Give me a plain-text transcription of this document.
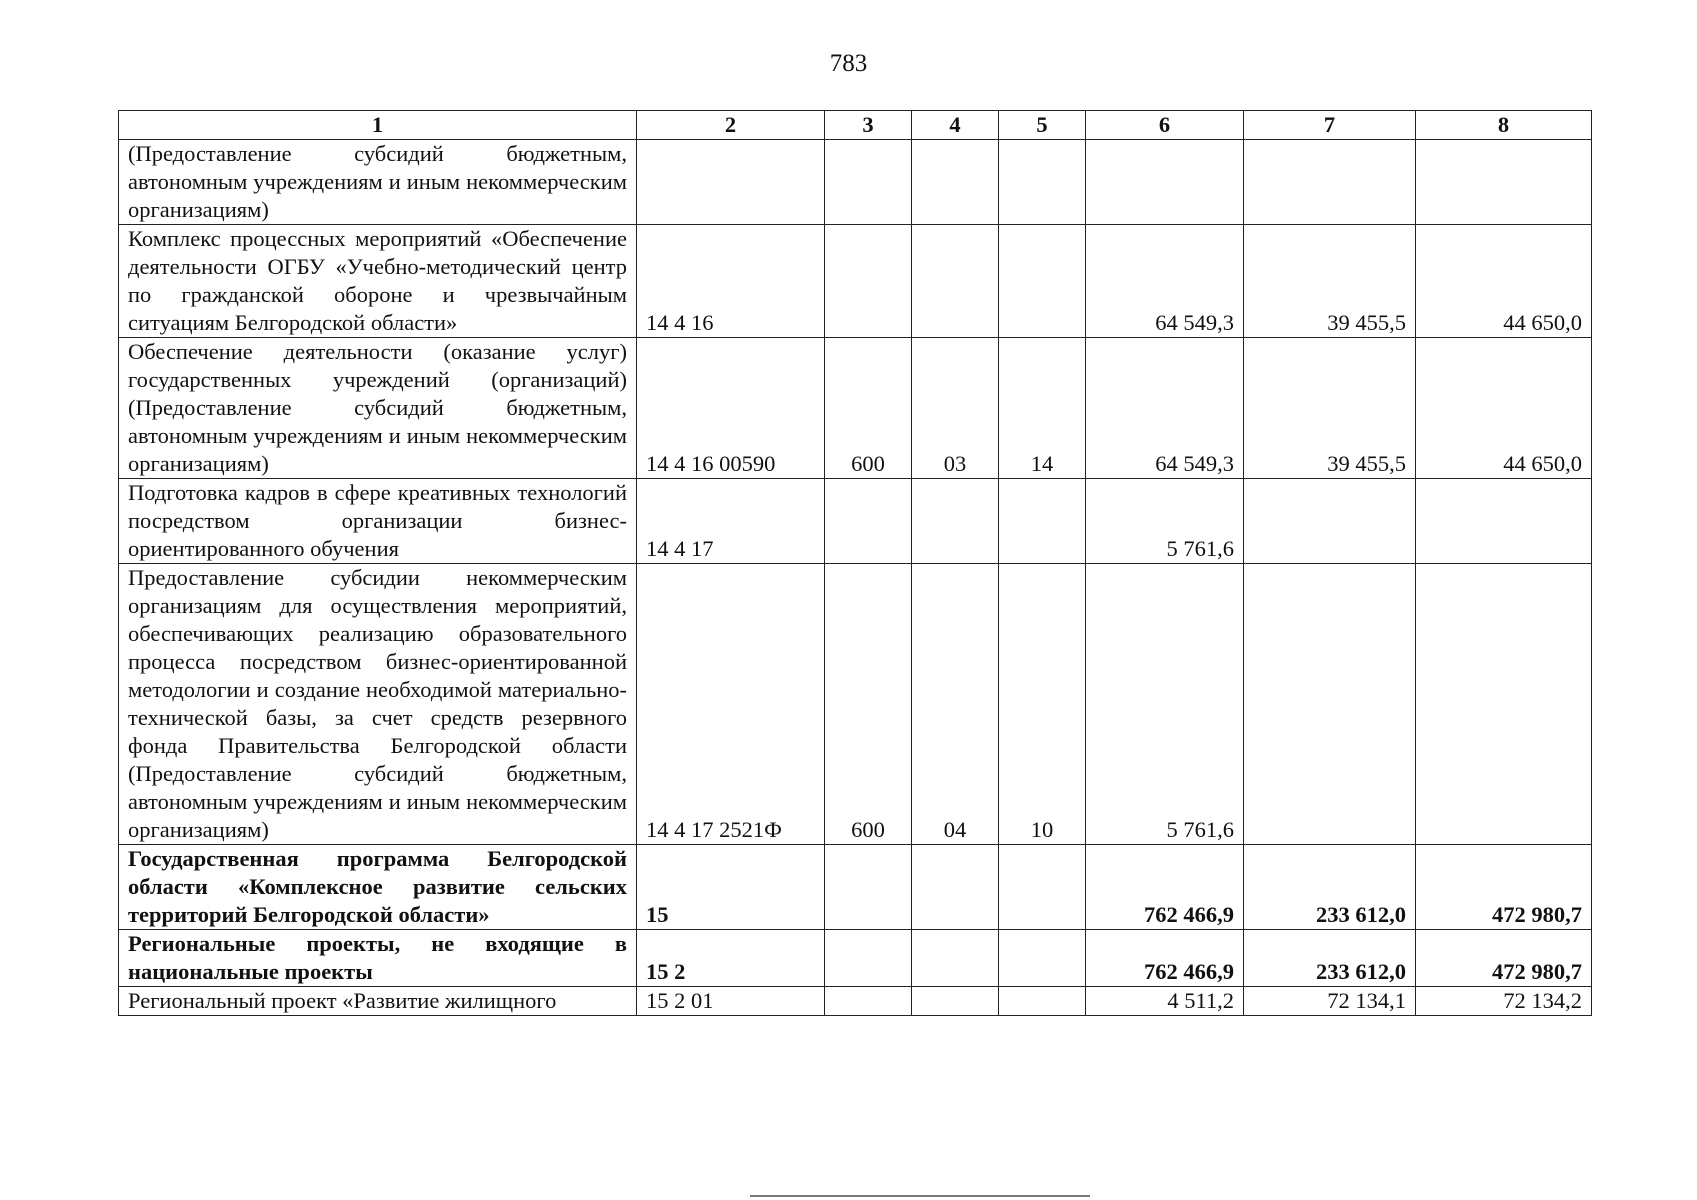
783
1	2	3	4	5	6	7	8
(Предоставление субсидий бюджетным, автономным учреждениям и иным некоммерческим организациям)							
Комплекс процессных мероприятий «Обеспечение деятельности ОГБУ «Учебно-методический центр по гражданской обороне и чрезвычайным ситуациям Белгородской области»	14 4 16				64 549,3	39 455,5	44 650,0
Обеспечение деятельности (оказание услуг) государственных учреждений (организаций) (Предоставление субсидий бюджетным, автономным учреждениям и иным некоммерческим организациям)	14 4 16 00590	600	03	14	64 549,3	39 455,5	44 650,0
Подготовка кадров в сфере креативных технологий посредством организации бизнес-ориентированного обучения	14 4 17				5 761,6		
Предоставление субсидии некоммерческим организациям для осуществления мероприятий, обеспечивающих реализацию образовательного процесса посредством бизнес-ориентированной методологии и создание необходимой материально-технической базы, за счет средств резервного фонда Правительства Белгородской области (Предоставление субсидий бюджетным, автономным учреждениям и иным некоммерческим организациям)	14 4 17 2521Ф	600	04	10	5 761,6		
Государственная программа Белгородской области «Комплексное развитие сельских территорий Белгородской области»	15				762 466,9	233 612,0	472 980,7
Региональные проекты, не входящие в национальные проекты	15 2				762 466,9	233 612,0	472 980,7
Региональный проект «Развитие жилищного	15 2 01				4 511,2	72 134,1	72 134,2
